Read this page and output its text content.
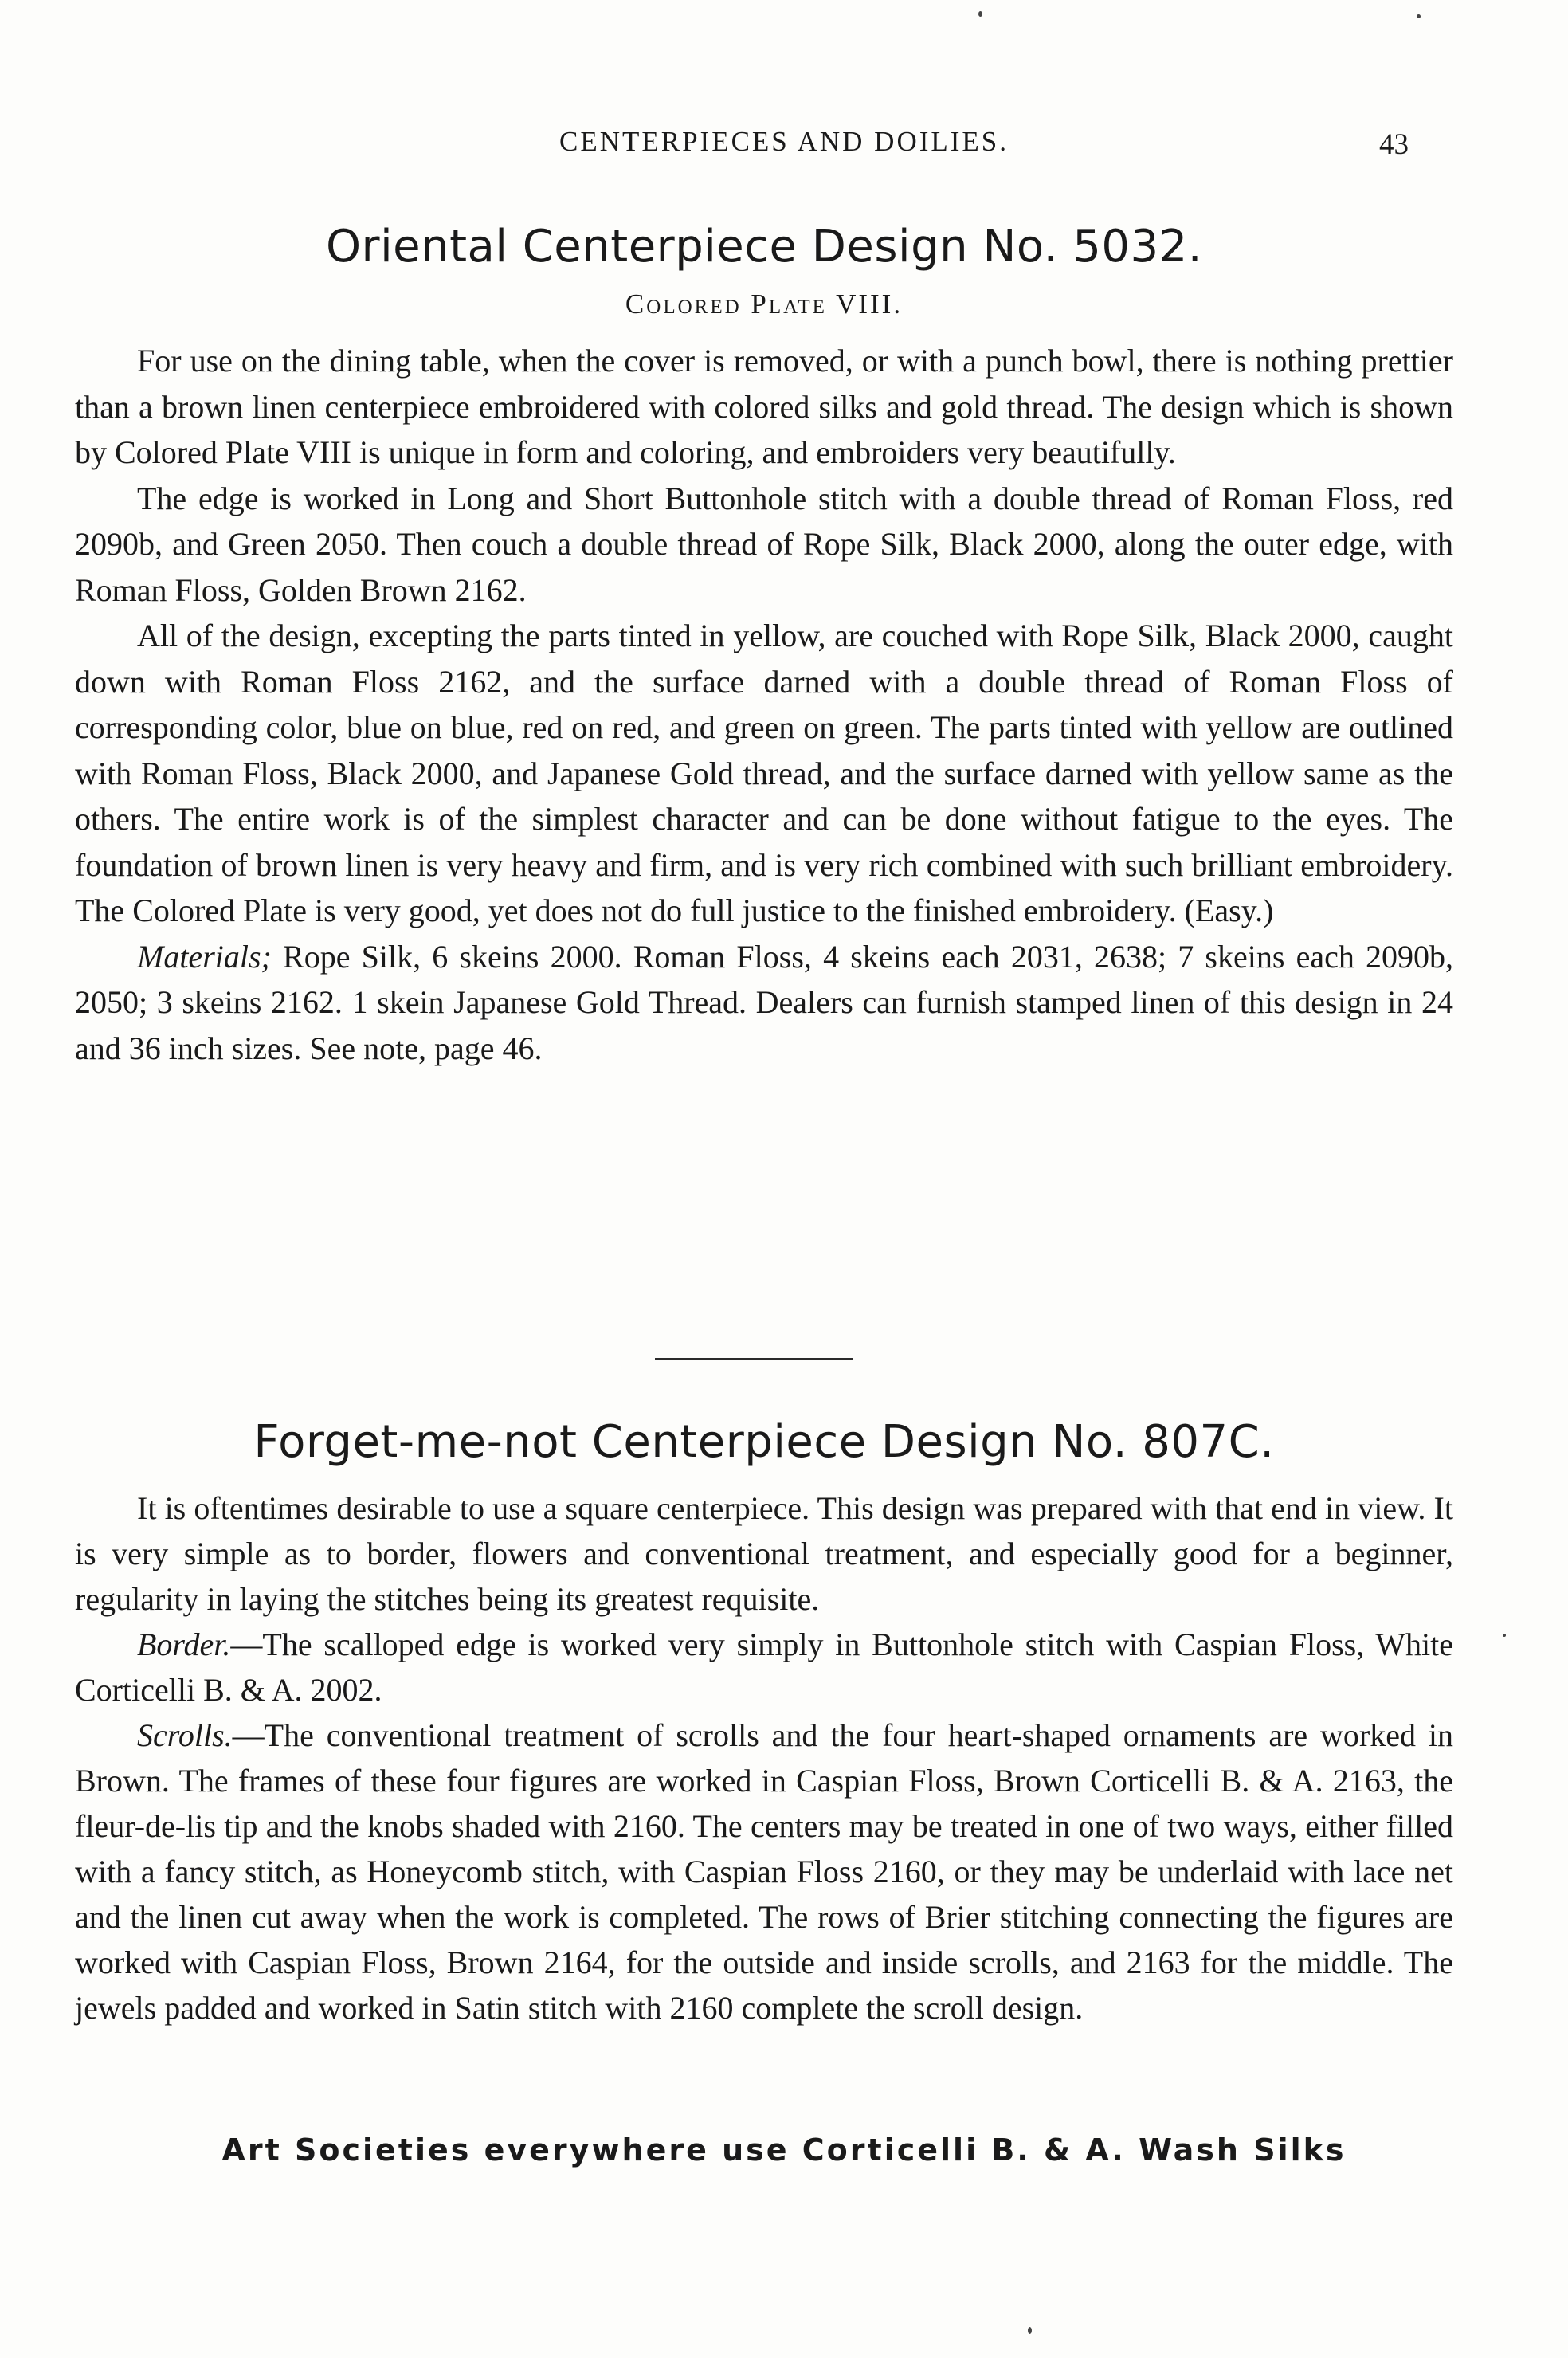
CENTERPIECES AND DOILIES.	43
Oriental Centerpiece Design No. 5032.
Colored Plate VIII.

For use on the dining table, when the cover is removed, or with a punch bowl, there is nothing prettier than a brown linen centerpiece embroidered with colored silks and gold thread. The design which is shown by Colored Plate VIII is unique in form and coloring, and embroiders very beautifully.

The edge is worked in Long and Short Buttonhole stitch with a double thread of Roman Floss, red 2090b, and Green 2050. Then couch a double thread of Rope Silk, Black 2000, along the outer edge, with Roman Floss, Golden Brown 2162.

All of the design, excepting the parts tinted in yellow, are couched with Rope Silk, Black 2000, caught down with Roman Floss 2162, and the surface darned with a double thread of Roman Floss of corresponding color, blue on blue, red on red, and green on green. The parts tinted with yellow are outlined with Roman Floss, Black 2000, and Japanese Gold thread, and the surface darned with yellow same as the others. The entire work is of the simplest character and can be done without fatigue to the eyes. The foundation of brown linen is very heavy and firm, and is very rich combined with such brilliant embroidery. The Colored Plate is very good, yet does not do full justice to the finished embroidery. (Easy.)

Materials; Rope Silk, 6 skeins 2000. Roman Floss, 4 skeins each 2031, 2638; 7 skeins each 2090b, 2050; 3 skeins 2162. 1 skein Japanese Gold Thread. Dealers can furnish stamped linen of this design in 24 and 36 inch sizes. See note, page 46.

Forget-me-not Centerpiece Design No. 807C.

It is oftentimes desirable to use a square centerpiece. This design was prepared with that end in view. It is very simple as to border, flowers and conventional treatment, and especially good for a beginner, regularity in laying the stitches being its greatest requisite.

Border.—The scalloped edge is worked very simply in Buttonhole stitch with Caspian Floss, White Corticelli B. & A. 2002.

Scrolls.—The conventional treatment of scrolls and the four heart-shaped ornaments are worked in Brown. The frames of these four figures are worked in Caspian Floss, Brown Corticelli B. & A. 2163, the fleur-de-lis tip and the knobs shaded with 2160. The centers may be treated in one of two ways, either filled with a fancy stitch, as Honeycomb stitch, with Caspian Floss 2160, or they may be underlaid with lace net and the linen cut away when the work is completed. The rows of Brier stitching connecting the figures are worked with Caspian Floss, Brown 2164, for the outside and inside scrolls, and 2163 for the middle. The jewels padded and worked in Satin stitch with 2160 complete the scroll design.

Art Societies everywhere use Corticelli B. & A. Wash Silks
